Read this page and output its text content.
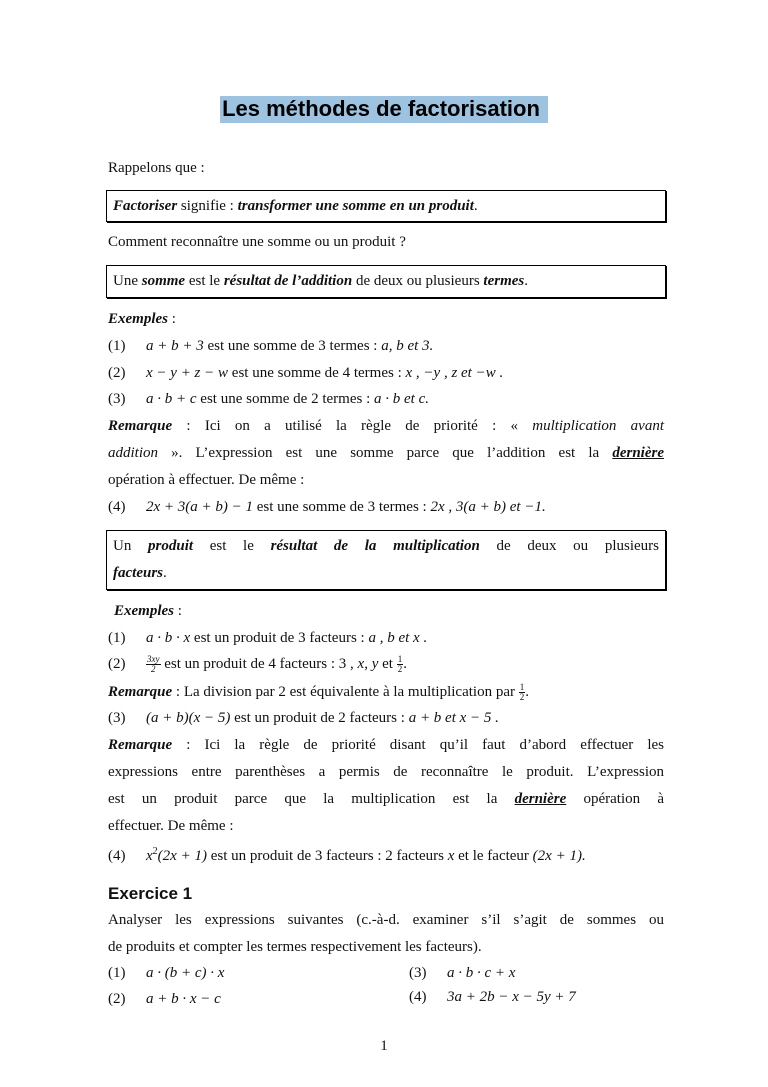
Les méthodes de factorisation
Rappelons que :
Factoriser signifie : transformer une somme en un produit.
Comment reconnaître une somme ou un produit ?
Une somme est le résultat de l’addition de deux ou plusieurs termes.
Exemples :
(1) a + b + 3 est une somme de 3 termes : a, b et 3.
(2) x − y + z − w est une somme de 4 termes : x , −y , z et −w .
(3) a · b + c est une somme de 2 termes : a · b et c.
Remarque : Ici on a utilisé la règle de priorité : « multiplication avant
addition ». L’expression est une somme parce que l’addition est la dernière
opération à effectuer. De même :
(4) 2x + 3(a + b) − 1 est une somme de 3 termes : 2x , 3(a + b) et −1.
Un produit est le résultat de la multiplication de deux ou plusieurs
facteurs.
Exemples :
(1) a · b · x est un produit de 3 facteurs : a , b et x .
$(2) \frac{3xy}{2}$ est un produit de 4 facteurs : 3 , x, y et $\frac{1}{2}$ .
Remarque : La division par 2 est équivalente à la multiplication par $\frac{1}{2}$ .
(3) (a + b)(x − 5) est un produit de 2 facteurs : a + b et x − 5 .
Remarque : Ici la règle de priorité disant qu’il faut d’abord effectuer les
expressions entre parenthèses a permis de reconnaître le produit. L’expression
est un produit parce que la multiplication est la dernière opération à
effectuer. De même :
(4) $x^2(2x + 1)$ est un produit de 3 facteurs : 2 facteurs x et le facteur (2x + 1).
Exercice 1
Analyser les expressions suivantes (c.-à-d. examiner s’il s’agit de sommes ou
de produits et compter les termes respectivement les facteurs).
(1) a · (b + c) · x
(2) a + b · x − c
(3) a · b · c + x
(4) 3a + 2b − x − 5y + 7
1
